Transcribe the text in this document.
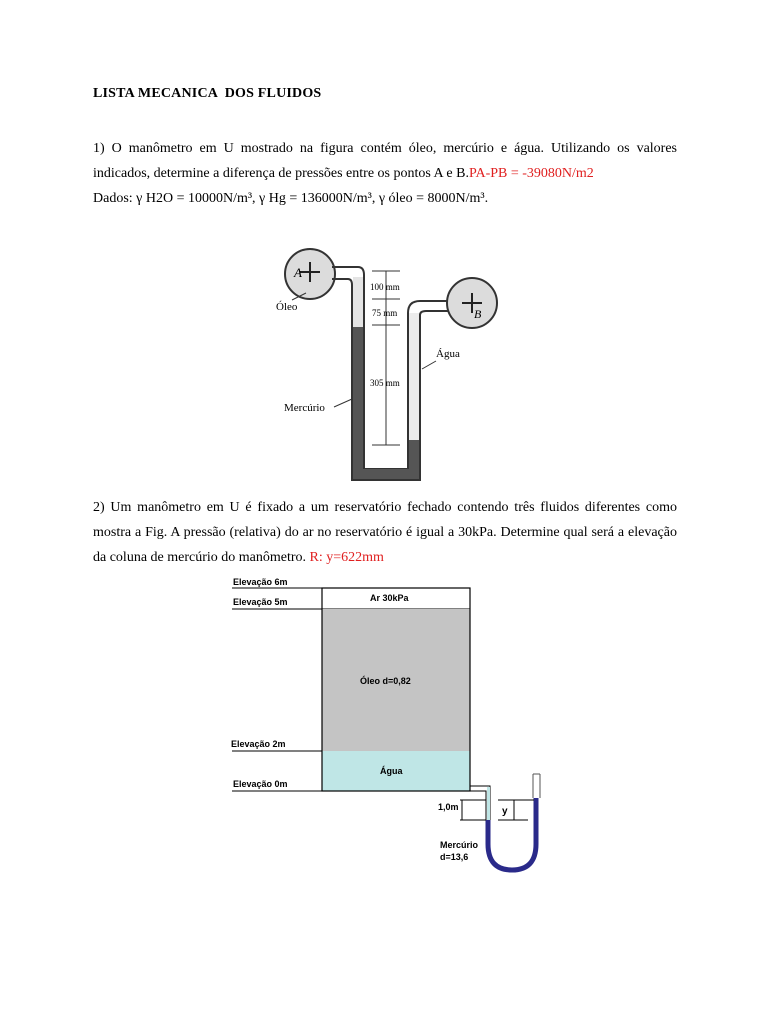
LISTA MECANICA  DOS FLUIDOS
1) O manômetro em U mostrado na figura contém óleo, mercúrio e água. Utilizando os valores indicados, determine a diferença de pressões entre os pontos A e B.PA-PB = -39080N/m2
Dados: γ H2O = 10000N/m³, γ Hg = 136000N/m³, γ óleo = 8000N/m³.
A
B
100 mm
75 mm
305 mm
Óleo
Água
Mercúrio
2) Um manômetro em U é fixado a um reservatório fechado contendo três fluidos diferentes como mostra a Fig. A pressão (relativa) do ar no reservatório é igual a 30kPa. Determine qual será a elevação da coluna de mercúrio do manômetro. R: y=622mm
Elevação 6m
Elevação 5m
Elevação 2m
Elevação 0m
Ar 30kPa
Óleo d=0,82
Água
1,0m	y
Mercúrio
d=13,6
